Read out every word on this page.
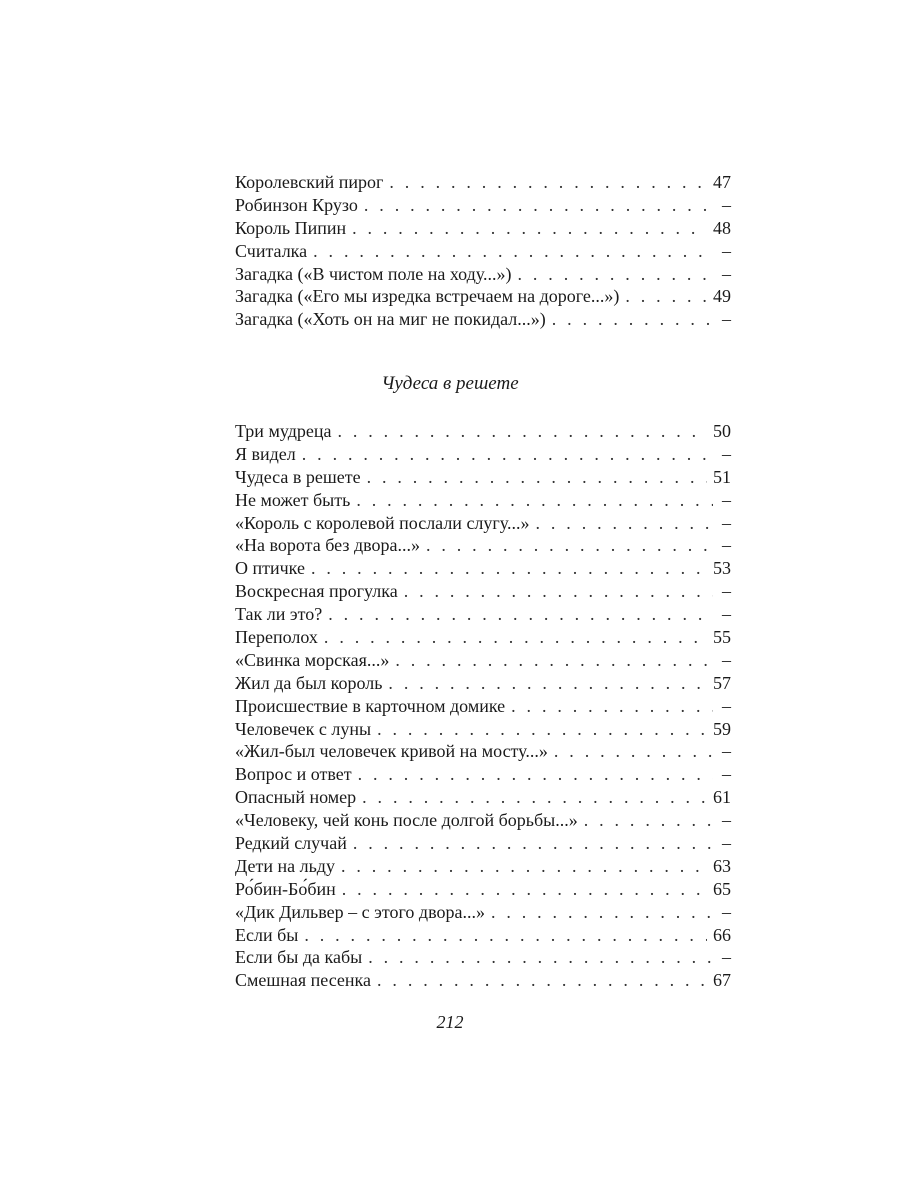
Королевский пирог . . .	47
Робинзон Крузо . . .	–
Король Пипин . . .	48
Считалка . . .	–
Загадка («В чистом поле на ходу...») . . .	–
Загадка («Его мы изредка встречаем на дороге...») . . .	49
Загадка («Хоть он на миг не покидал...») . . .	–
Чудеса в решете
Три мудреца . . .	50
Я видел . . .	–
Чудеса в решете . . .	51
Не может быть . . .	–
«Король с королевой послали слугу...» . . .	–
«На ворота без двора...» . . .	–
О птичке . . .	53
Воскресная прогулка . . .	–
Так ли это? . . .	–
Переполох . . .	55
«Свинка морская...» . . .	–
Жил да был король . . .	57
Происшествие в карточном домике . . .	–
Человечек с луны . . .	59
«Жил-был человечек кривой на мосту...» . . .	–
Вопрос и ответ . . .	–
Опасный номер . . .	61
«Человеку, чей конь после долгой борьбы...» . . .	–
Редкий случай . . .	–
Дети на льду . . .	63
Ро́бин-Бо́бин . . .	65
«Дик Дильвер – с этого двора...» . . .	–
Если бы . . .	66
Если бы да кабы . . .	–
Смешная песенка . . .	67
212
